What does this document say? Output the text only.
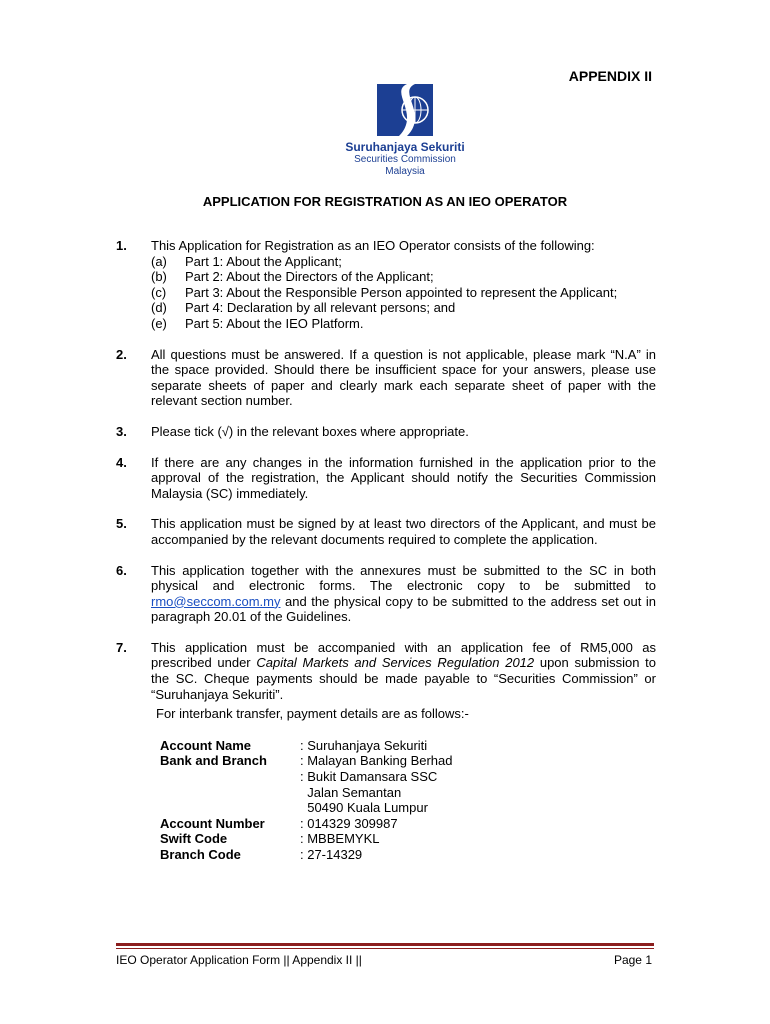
APPENDIX II
Suruhanjaya Sekuriti
Securities Commission
Malaysia
APPLICATION FOR REGISTRATION AS AN IEO OPERATOR
1.	This Application for Registration as an IEO Operator consists of the following:

(a)	Part 1: About the Applicant;
(b)	Part 2: About the Directors of the Applicant;
(c)	Part 3: About the Responsible Person appointed to represent the Applicant;
(d)	Part 4: Declaration by all relevant persons; and
(e)	Part 5: About the IEO Platform.
2.	All questions must be answered. If a question is not applicable, please mark “N.A” in the space provided. Should there be insufficient space for your answers, please use separate sheets of paper and clearly mark each separate sheet of paper with the relevant section number.

3.	Please tick (√) in the relevant boxes where appropriate.

4.	If there are any changes in the information furnished in the application prior to the approval of the registration, the Applicant should notify the Securities Commission Malaysia (SC) immediately.

5.	This application must be signed by at least two directors of the Applicant, and must be accompanied by the relevant documents required to complete the application.

6.	This application together with the annexures must be submitted to the SC in both physical and electronic forms. The electronic copy to be submitted to rmo@seccom.com.my and the physical copy to be submitted to the address set out in paragraph 20.01 of the Guidelines.

7.	This application must be accompanied with an application fee of RM5,000 as prescribed under Capital Markets and Services Regulation 2012 upon submission to the SC. Cheque payments should be made payable to “Securities Commission” or “Suruhanjaya Sekuriti”.

For interbank transfer, payment details are as follows:-
Account Name	: Suruhanjaya Sekuriti
Bank and Branch	: Malayan Banking Berhad
: Bukit Damansara SSC
Jalan Semantan
50490 Kuala Lumpur
Account Number	: 014329 309987
Swift Code	: MBBEMYKL
Branch Code	: 27-14329
IEO Operator Application Form || Appendix II ||	Page 1
